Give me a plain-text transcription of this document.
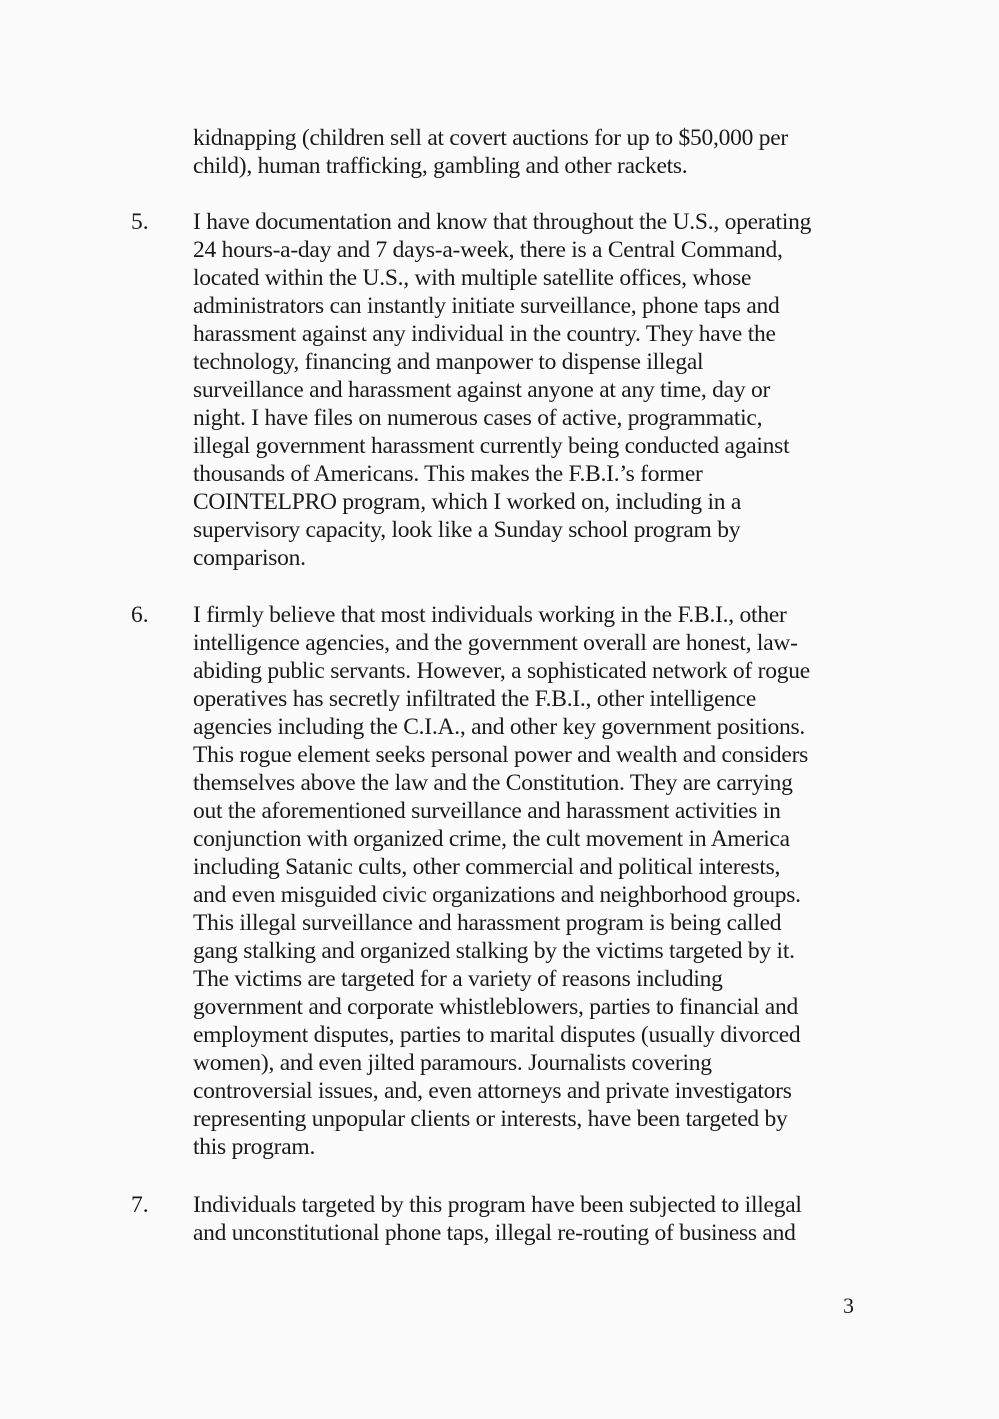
kidnapping (children sell at covert auctions for up to $50,000 per
child), human trafficking, gambling and other rackets.
5. I have documentation and know that throughout the U.S., operating
24 hours-a-day and 7 days-a-week, there is a Central Command,
located within the U.S., with multiple satellite offices, whose
administrators can instantly initiate surveillance, phone taps and
harassment against any individual in the country. They have the
technology, financing and manpower to dispense illegal
surveillance and harassment against anyone at any time, day or
night. I have files on numerous cases of active, programmatic,
illegal government harassment currently being conducted against
thousands of Americans. This makes the F.B.I.’s former
COINTELPRO program, which I worked on, including in a
supervisory capacity, look like a Sunday school program by
comparison.
6. I firmly believe that most individuals working in the F.B.I., other
intelligence agencies, and the government overall are honest, law-
abiding public servants. However, a sophisticated network of rogue
operatives has secretly infiltrated the F.B.I., other intelligence
agencies including the C.I.A., and other key government positions.
This rogue element seeks personal power and wealth and considers
themselves above the law and the Constitution. They are carrying
out the aforementioned surveillance and harassment activities in
conjunction with organized crime, the cult movement in America
including Satanic cults, other commercial and political interests,
and even misguided civic organizations and neighborhood groups.
This illegal surveillance and harassment program is being called
gang stalking and organized stalking by the victims targeted by it.
The victims are targeted for a variety of reasons including
government and corporate whistleblowers, parties to financial and
employment disputes, parties to marital disputes (usually divorced
women), and even jilted paramours. Journalists covering
controversial issues, and, even attorneys and private investigators
representing unpopular clients or interests, have been targeted by
this program.
7. Individuals targeted by this program have been subjected to illegal
and unconstitutional phone taps, illegal re-routing of business and
3
